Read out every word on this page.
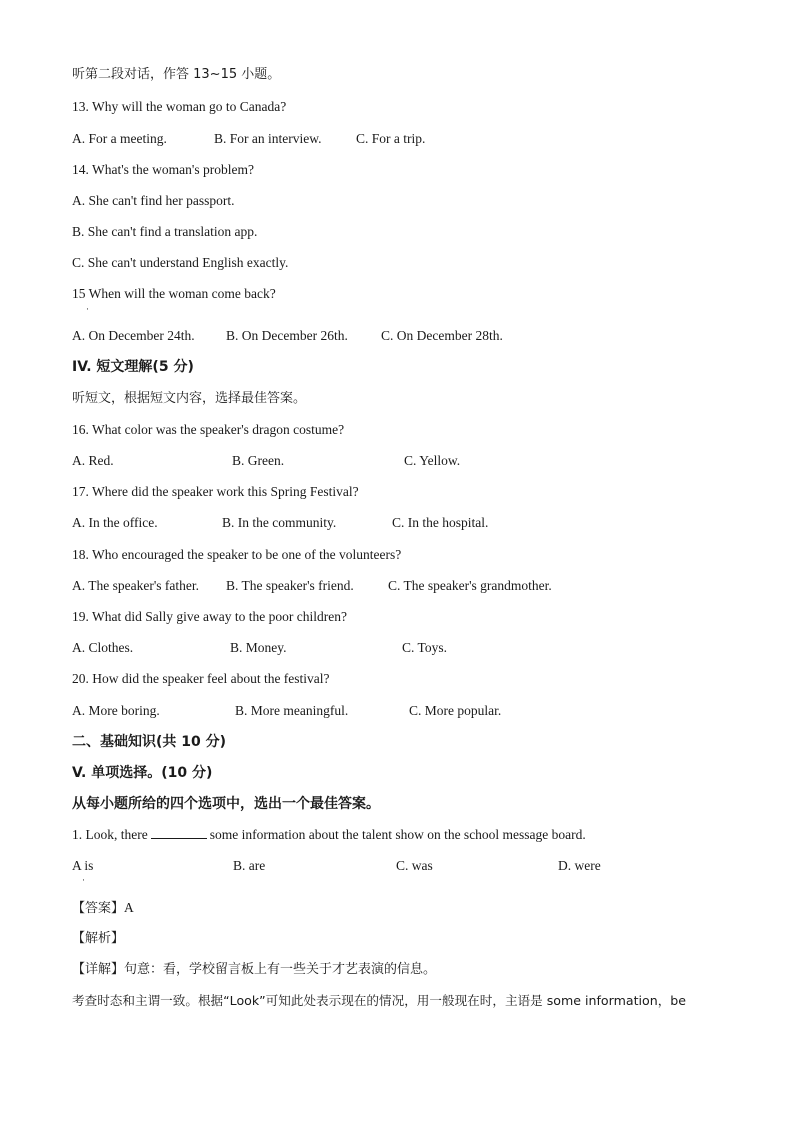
听第二段对话，作答 13~15 小题。
13. Why will the woman go to Canada?
A. For a meeting.	B. For an interview.	C. For a trip.
14. What's the woman's problem?
A. She can't find her passport.
B. She can't find a translation app.
C. She can't understand English exactly.
15 When will the woman come back?
·
A. On December 24th. B. On December 26th. C. On December 28th.
IV. 短文理解(5 分)
听短文，根据短文内容，选择最佳答案。
16. What color was the speaker's dragon costume?
A. Red.	B. Green.	C. Yellow.
17. Where did the speaker work this Spring Festival?
A. In the office.	B. In the community.	C. In the hospital.
18. Who encouraged the speaker to be one of the volunteers?
A. The speaker's father. B. The speaker's friend.	C. The speaker's grandmother.
19. What did Sally give away to the poor children?
A. Clothes.	B. Money.	C. Toys.
20. How did the speaker feel about the festival?
A. More boring.	B. More meaningful.	C. More popular.
二、基础知识(共 10 分)
V. 单项选择。(10 分)
从每小题所给的四个选项中，选出一个最佳答案。
1. Look, there	some information about the talent show on the school message board.
A is
·
B. are	C. was	D. were
【答案】A
【解析】
【详解】句意：看，学校留言板上有一些关于才艺表演的信息。
考查时态和主谓一致。根据“Look”可知此处表示现在的情况，用一般现在时，主语是 some information，be
